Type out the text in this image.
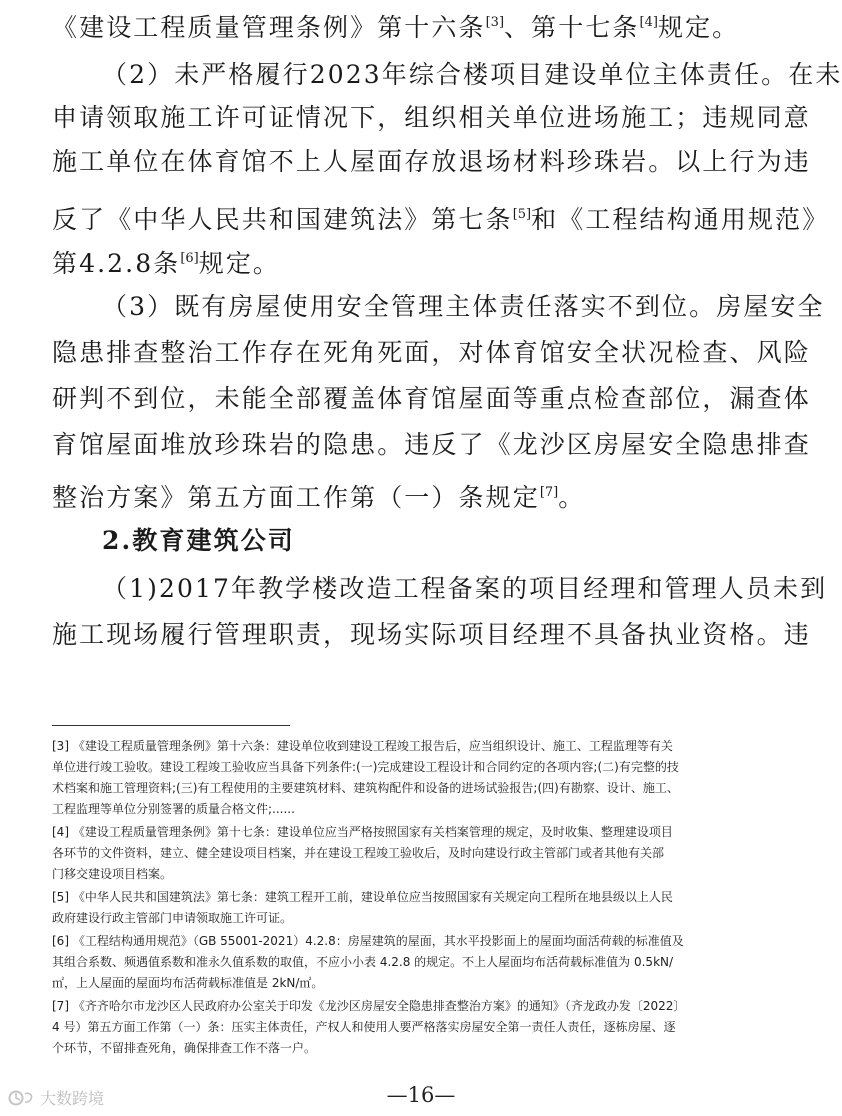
《建设工程质量管理条例》第十六条[3]、第十七条[4]规定。
（2）未严格履行2023年综合楼项目建设单位主体责任。在未
申请领取施工许可证情况下，组织相关单位进场施工；违规同意
施工单位在体育馆不上人屋面存放退场材料珍珠岩。以上行为违
反了《中华人民共和国建筑法》第七条[5]和《工程结构通用规范》
第4.2.8条[6]规定。
（3）既有房屋使用安全管理主体责任落实不到位。房屋安全
隐患排查整治工作存在死角死面，对体育馆安全状况检查、风险
研判不到位，未能全部覆盖体育馆屋面等重点检查部位，漏查体
育馆屋面堆放珍珠岩的隐患。违反了《龙沙区房屋安全隐患排查
整治方案》第五方面工作第（一）条规定[7]。
2.教育建筑公司
（1)2017年教学楼改造工程备案的项目经理和管理人员未到
施工现场履行管理职责，现场实际项目经理不具备执业资格。违
[3] 《建设工程质量管理条例》第十六条：建设单位收到建设工程竣工报告后，应当组织设计、施工、工程监理等有关
单位进行竣工验收。建设工程竣工验收应当具备下列条件:(一)完成建设工程设计和合同约定的各项内容;(二)有完整的技
术档案和施工管理资料;(三)有工程使用的主要建筑材料、建筑构配件和设备的进场试验报告;(四)有勘察、设计、施工、
工程监理等单位分别签署的质量合格文件;......
[4] 《建设工程质量管理条例》第十七条：建设单位应当严格按照国家有关档案管理的规定，及时收集、整理建设项目
各环节的文件资料，建立、健全建设项目档案，并在建设工程竣工验收后，及时向建设行政主管部门或者其他有关部
门移交建设项目档案。
[5] 《中华人民共和国建筑法》第七条：建筑工程开工前，建设单位应当按照国家有关规定向工程所在地县级以上人民
政府建设行政主管部门申请领取施工许可证。
[6] 《工程结构通用规范》（GB 55001-2021）4.2.8：房屋建筑的屋面，其水平投影面上的屋面均面活荷载的标准值及
其组合系数、频遇值系数和准永久值系数的取值，不应小小表 4.2.8 的规定。不上人屋面均布活荷载标准值为 0.5kN/
㎡，上人屋面的屋面均布活荷载标准值是 2kN/㎡。
[7] 《齐齐哈尔市龙沙区人民政府办公室关于印发《龙沙区房屋安全隐患排查整治方案》的通知》（齐龙政办发〔2022〕
4 号）第五方面工作第（一）条：压实主体责任，产权人和使用人要严格落实房屋安全第一责任人责任，逐栋房屋、逐
个环节，不留排查死角，确保排查工作不落一户。
—16—
大数跨境
